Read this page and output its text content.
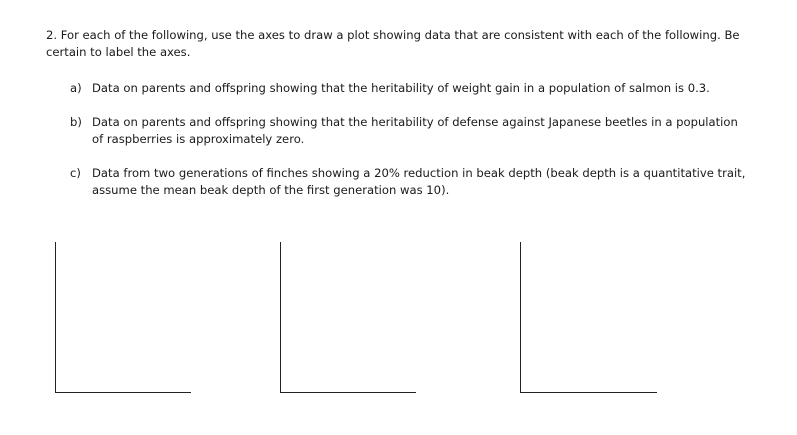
2. For each of the following, use the axes to draw a plot showing data that are consistent with each of the following. Be certain to label the axes.

a) Data on parents and offspring showing that the heritability of weight gain in a population of salmon is 0.3.
b) Data on parents and offspring showing that the heritability of defense against Japanese beetles in a population of raspberries is approximately zero.
c) Data from two generations of finches showing a 20% reduction in beak depth (beak depth is a quantitative trait, assume the mean beak depth of the first generation was 10).
